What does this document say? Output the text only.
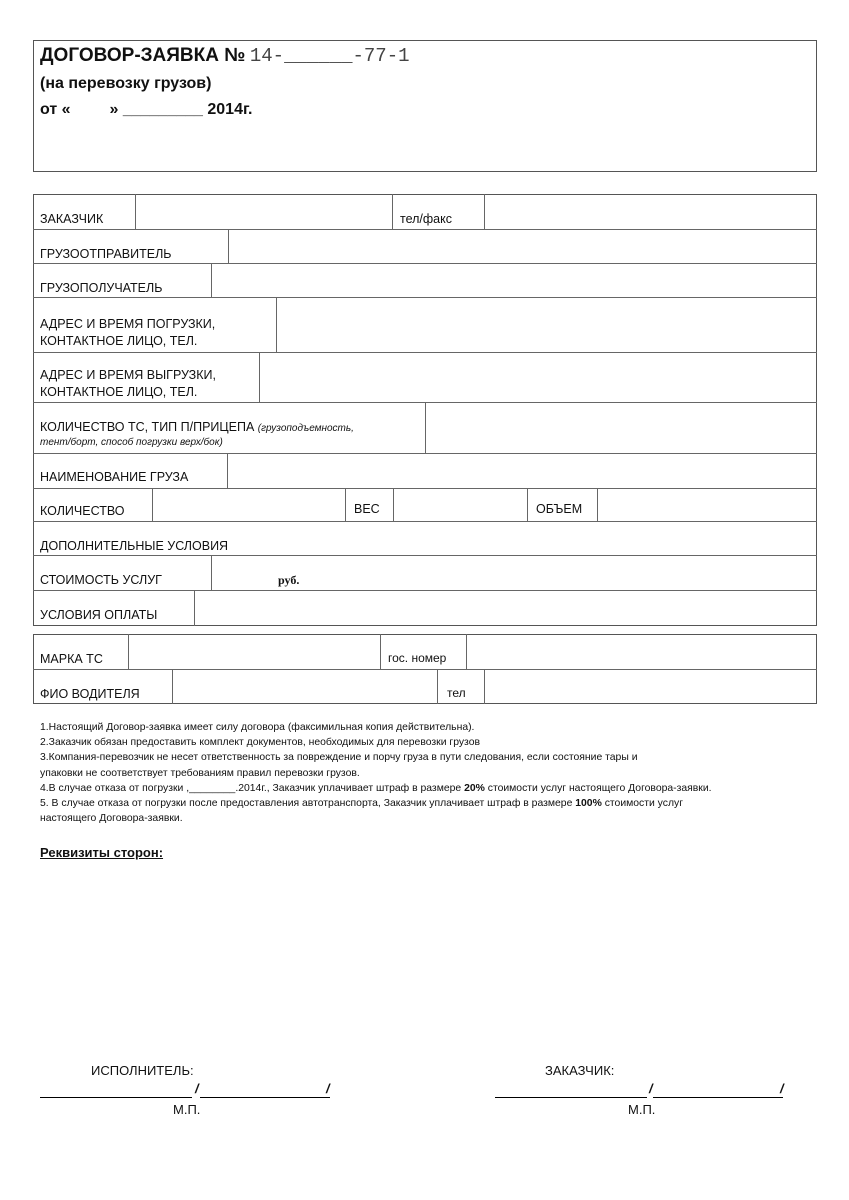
ДОГОВОР-ЗАЯВКА № 14-______-77-1
(на перевозку грузов)
от « » _________ 2014г.
ЗАКАЗЧИК	тел/факс
ГРУЗООТПРАВИТЕЛЬ
ГРУЗОПОЛУЧАТЕЛЬ
АДРЕС И ВРЕМЯ ПОГРУЗКИ,
КОНТАКТНОЕ ЛИЦО, ТЕЛ.
АДРЕС И ВРЕМЯ ВЫГРУЗКИ,
КОНТАКТНОЕ ЛИЦО, ТЕЛ.
КОЛИЧЕСТВО ТС, ТИП П/ПРИЦЕПА (грузоподъемность,
тент/борт, способ погрузки верх/бок)
НАИМЕНОВАНИЕ ГРУЗА
КОЛИЧЕСТВО	ВЕС	ОБЪЕМ
ДОПОЛНИТЕЛЬНЫЕ УСЛОВИЯ
СТОИМОСТЬ УСЛУГ	руб.
УСЛОВИЯ ОПЛАТЫ
МАРКА ТС	гос. номер
ФИО ВОДИТЕЛЯ	тел
1.Настоящий Договор-заявка имеет силу договора (факсимильная копия действительна).
2.Заказчик обязан предоставить комплект документов, необходимых для перевозки грузов
3.Компания-перевозчик не несет ответственность за повреждение и порчу груза в пути следования, если состояние тары и
упаковки не соответствует требованиям правил перевозки грузов.
4.В случае отказа от погрузки ,________.2014г., Заказчик уплачивает штраф в размере 20% стоимости услуг настоящего Договора-заявки.
5. В случае отказа от погрузки после предоставления автотранспорта, Заказчик уплачивает штраф в размере 100% стоимости услуг
настоящего Договора-заявки.
Реквизиты сторон:
ИСПОЛНИТЕЛЬ:
/	/
М.П.
ЗАКАЗЧИК:
/	/
М.П.
